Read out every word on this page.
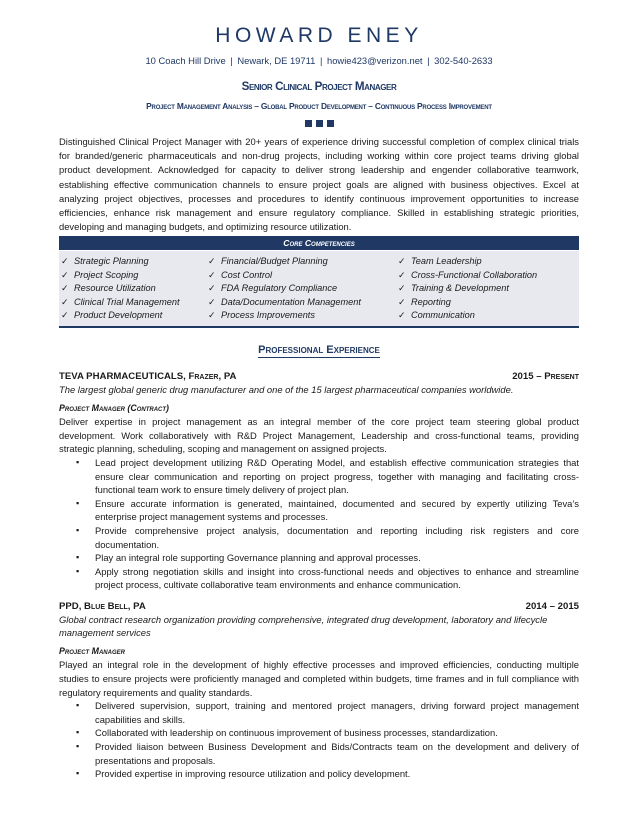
HOWARD ENEY
10 Coach Hill Drive | Newark, DE 19711 | howie423@verizon.net | 302-540-2633
Senior Clinical Project Manager
Project Management Analysis – Global Product Development – Continuous Process Improvement
Distinguished Clinical Project Manager with 20+ years of experience driving successful completion of complex clinical trials for branded/generic pharmaceuticals and non-drug projects, including working within core project teams driving global product development. Acknowledged for capacity to deliver strong leadership and engender collaborative teamwork, establishing effective communication channels to ensure project goals are aligned with business objectives. Excel at analyzing project objectives, processes and procedures to identify continuous improvement opportunities to increase efficiencies, enhance risk management and ensure regulatory compliance. Skilled in establishing strategic priorities, developing and managing budgets, and optimizing resource utilization.
Core Competencies
✓ Strategic Planning
✓ Project Scoping
✓ Resource Utilization
✓ Clinical Trial Management
✓ Product Development
✓ Financial/Budget Planning
✓ Cost Control
✓ FDA Regulatory Compliance
✓ Data/Documentation Management
✓ Process Improvements
✓ Team Leadership
✓ Cross-Functional Collaboration
✓ Training & Development
✓ Reporting
✓ Communication
Professional Experience
TEVA PHARMACEUTICALS, Frazer, PA	2015 – Present
The largest global generic drug manufacturer and one of the 15 largest pharmaceutical companies worldwide.
Project Manager (Contract)
Deliver expertise in project management as an integral member of the core project team steering global product development. Work collaboratively with R&D Project Management, Leadership and cross-functional teams, providing strategic planning, scheduling, scoping and management on assigned projects.
▪ Lead project development utilizing R&D Operating Model, and establish effective communication strategies that ensure clear communication and reporting on project progress, together with managing and facilitating cross-functional team work to ensure timely delivery of project plan.
▪ Ensure accurate information is generated, maintained, documented and secured by expertly utilizing Teva’s enterprise project management systems and processes.
▪ Provide comprehensive project analysis, documentation and reporting including risk registers and core documentation.
▪ Play an integral role supporting Governance planning and approval processes.
▪ Apply strong negotiation skills and insight into cross-functional needs and objectives to enhance and streamline project process, cultivate collaborative team environments and enhance communication.
PPD, Blue Bell, PA	2014 – 2015
Global contract research organization providing comprehensive, integrated drug development, laboratory and lifecycle management services
Project Manager
Played an integral role in the development of highly effective processes and improved efficiencies, conducting multiple studies to ensure projects were proficiently managed and completed within budgets, time frames and in full compliance with regulatory requirements and quality standards.
▪ Delivered supervision, support, training and mentored project managers, driving forward project management capabilities and skills.
▪ Collaborated with leadership on continuous improvement of business processes, standardization.
▪ Provided liaison between Business Development and Bids/Contracts team on the development and delivery of presentations and proposals.
▪ Provided expertise in improving resource utilization and policy development.
